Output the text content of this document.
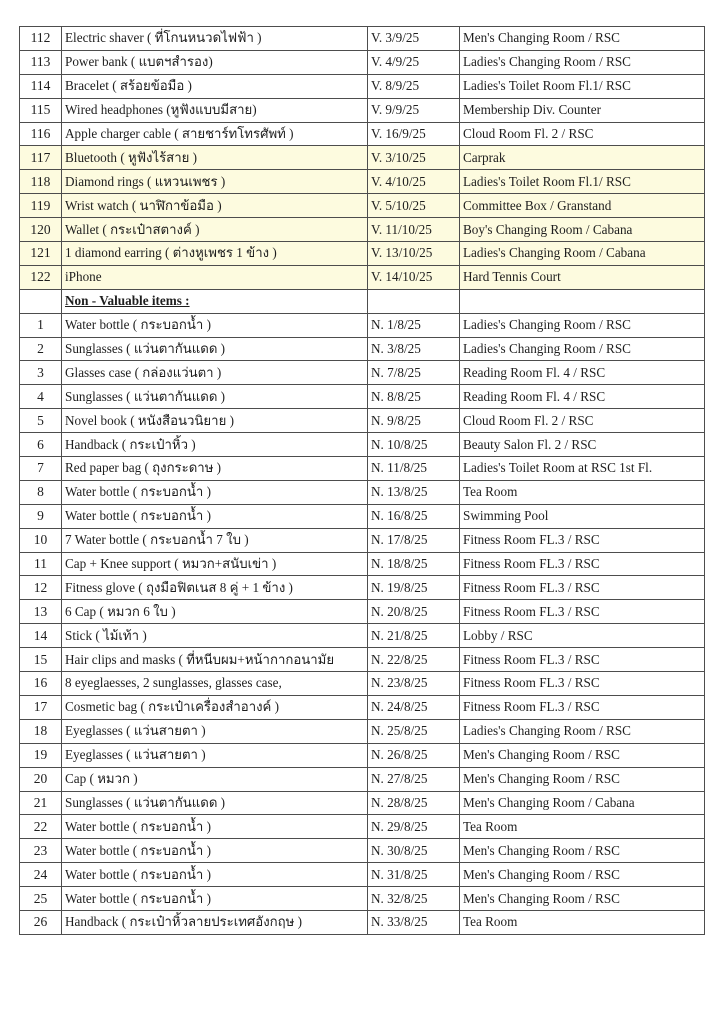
112	Electric shaver ( ที่โกนหนวดไฟฟ้า )	V. 3/9/25	Men's Changing Room / RSC
113	Power bank ( แบตฯสำรอง)	V. 4/9/25	Ladies's Changing Room / RSC
114	Bracelet ( สร้อยข้อมือ )	V. 8/9/25	Ladies's Toilet Room Fl.1/ RSC
115	Wired headphones (หูฟังแบบมีสาย)	V. 9/9/25	Membership Div. Counter
116	Apple charger cable ( สายชาร์ทโทรศัพท์ )	V. 16/9/25	Cloud Room Fl. 2 / RSC
117	Bluetooth ( หูฟังไร้สาย )	V. 3/10/25	Carprak
118	Diamond rings ( แหวนเพชร )	V. 4/10/25	Ladies's Toilet Room Fl.1/ RSC
119	Wrist watch ( นาฬิกาข้อมือ )	V. 5/10/25	Committee Box / Granstand
120	Wallet ( กระเป๋าสตางค์ )	V. 11/10/25	Boy's Changing Room / Cabana
121	1 diamond earring ( ต่างหูเพชร 1 ข้าง )	V. 13/10/25	Ladies's Changing Room / Cabana
122	iPhone	V. 14/10/25	Hard Tennis Court
	Non - Valuable items :		
1	Water bottle ( กระบอกน้ำ )	N. 1/8/25	Ladies's Changing Room / RSC
2	Sunglasses ( แว่นตากันแดด )	N. 3/8/25	Ladies's Changing Room / RSC
3	Glasses case ( กล่องแว่นตา )	N. 7/8/25	Reading Room Fl. 4 / RSC
4	Sunglasses ( แว่นตากันแดด )	N. 8/8/25	Reading Room Fl. 4 / RSC
5	Novel book ( หนังสือนวนิยาย )	N. 9/8/25	Cloud Room Fl. 2 / RSC
6	Handback ( กระเป๋าหิ้ว )	N. 10/8/25	Beauty Salon Fl. 2 / RSC
7	Red paper bag ( ถุงกระดาษ )	N. 11/8/25	Ladies's Toilet Room at RSC 1st Fl.
8	Water bottle ( กระบอกน้ำ )	N. 13/8/25	Tea Room
9	Water bottle ( กระบอกน้ำ )	N. 16/8/25	Swimming Pool
10	7 Water bottle ( กระบอกน้ำ 7 ใบ )	N. 17/8/25	Fitness Room FL.3 / RSC
11	Cap + Knee support ( หมวก+สนับเข่า )	N. 18/8/25	Fitness Room FL.3 / RSC
12	Fitness glove ( ถุงมือฟิตเนส 8 คู่ + 1 ข้าง )	N. 19/8/25	Fitness Room FL.3 / RSC
13	6 Cap ( หมวก 6 ใบ )	N. 20/8/25	Fitness Room FL.3 / RSC
14	Stick ( ไม้เท้า )	N. 21/8/25	Lobby / RSC
15	Hair clips and masks ( ที่หนีบผม+หน้ากากอนามัย	N. 22/8/25	Fitness Room FL.3 / RSC
16	8 eyeglaesses, 2 sunglasses, glasses case,	N. 23/8/25	Fitness Room FL.3 / RSC
17	Cosmetic bag ( กระเป๋าเครื่องสำอางค์ )	N. 24/8/25	Fitness Room FL.3 / RSC
18	Eyeglasses ( แว่นสายตา )	N. 25/8/25	Ladies's Changing Room / RSC
19	Eyeglasses ( แว่นสายตา )	N. 26/8/25	Men's Changing Room / RSC
20	Cap ( หมวก )	N. 27/8/25	Men's Changing Room / RSC
21	Sunglasses ( แว่นตากันแดด )	N. 28/8/25	Men's Changing Room / Cabana
22	Water bottle ( กระบอกน้ำ )	N. 29/8/25	Tea Room
23	Water bottle ( กระบอกน้ำ )	N. 30/8/25	Men's Changing Room / RSC
24	Water bottle ( กระบอกน้ำ )	N. 31/8/25	Men's Changing Room / RSC
25	Water bottle ( กระบอกน้ำ )	N. 32/8/25	Men's Changing Room / RSC
26	Handback ( กระเป๋าหิ้วลายประเทศอังกฤษ )	N. 33/8/25	Tea Room
